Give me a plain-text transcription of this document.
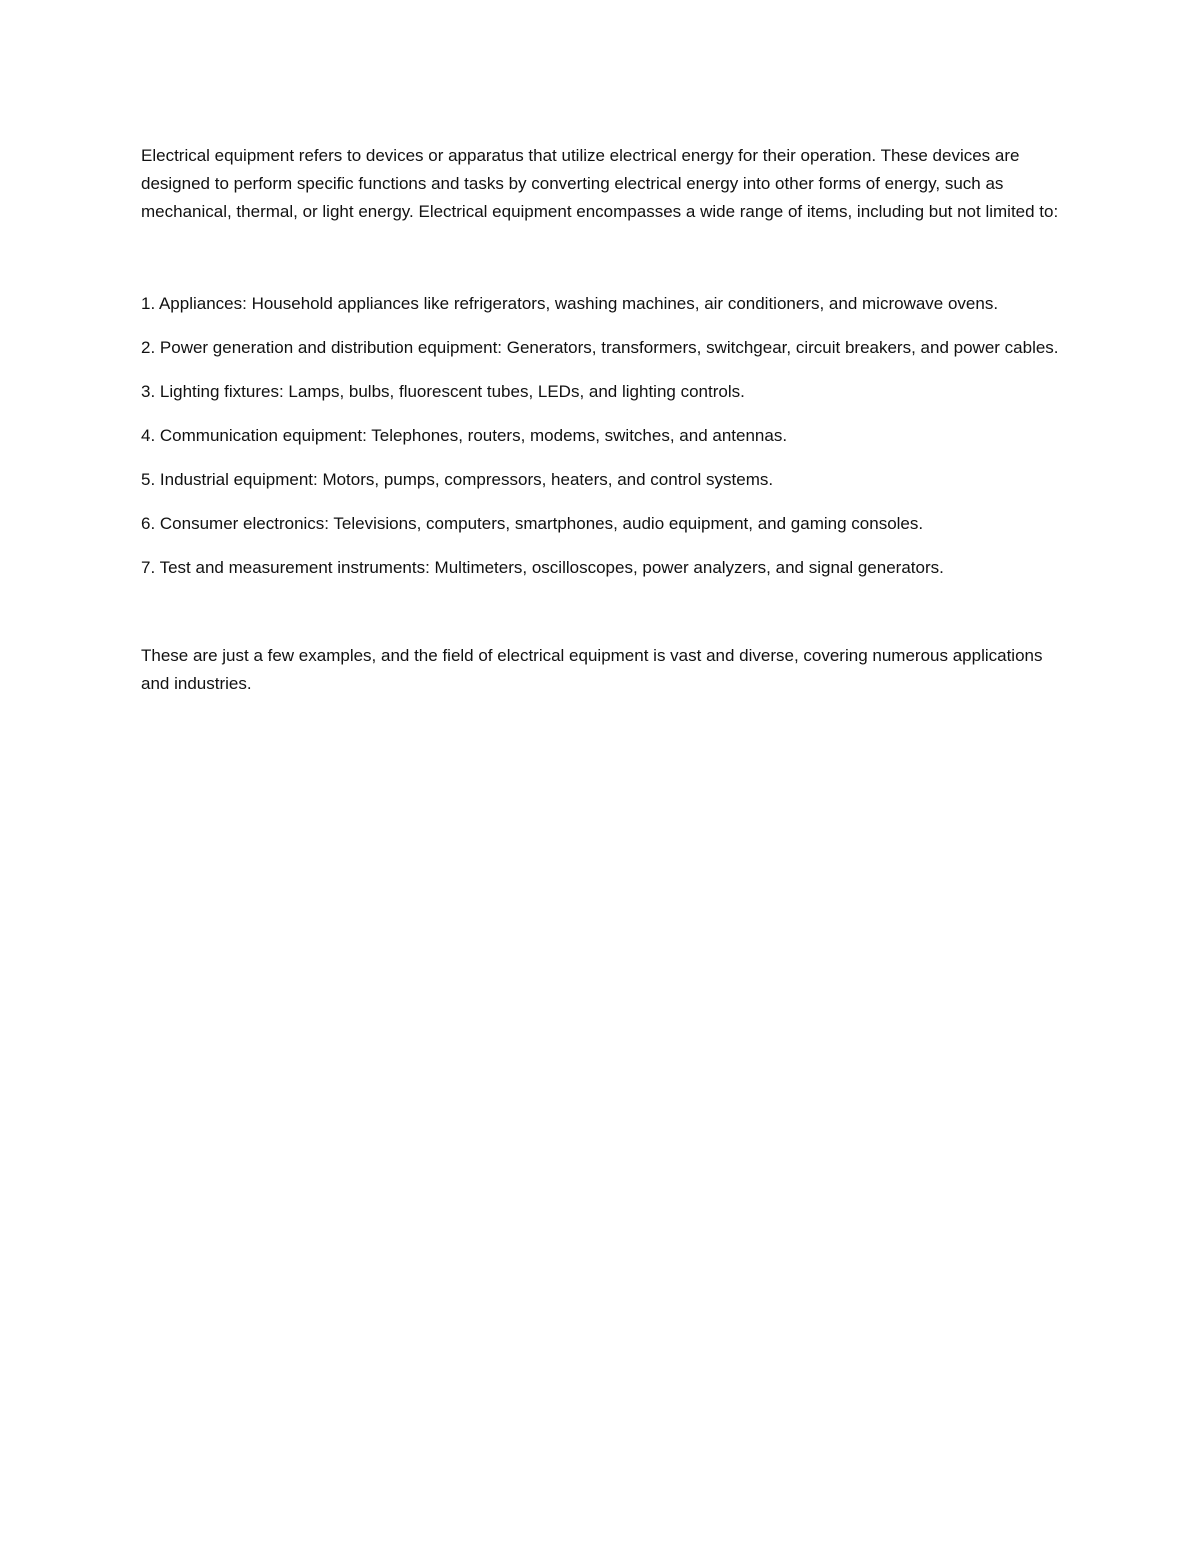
Electrical equipment refers to devices or apparatus that utilize electrical energy for their operation. These devices are designed to perform specific functions and tasks by converting electrical energy into other forms of energy, such as mechanical, thermal, or light energy. Electrical equipment encompasses a wide range of items, including but not limited to:

1. Appliances: Household appliances like refrigerators, washing machines, air conditioners, and microwave ovens.

2. Power generation and distribution equipment: Generators, transformers, switchgear, circuit breakers, and power cables.

3. Lighting fixtures: Lamps, bulbs, fluorescent tubes, LEDs, and lighting controls.

4. Communication equipment: Telephones, routers, modems, switches, and antennas.

5. Industrial equipment: Motors, pumps, compressors, heaters, and control systems.

6. Consumer electronics: Televisions, computers, smartphones, audio equipment, and gaming consoles.

7. Test and measurement instruments: Multimeters, oscilloscopes, power analyzers, and signal generators.

These are just a few examples, and the field of electrical equipment is vast and diverse, covering numerous applications and industries.
